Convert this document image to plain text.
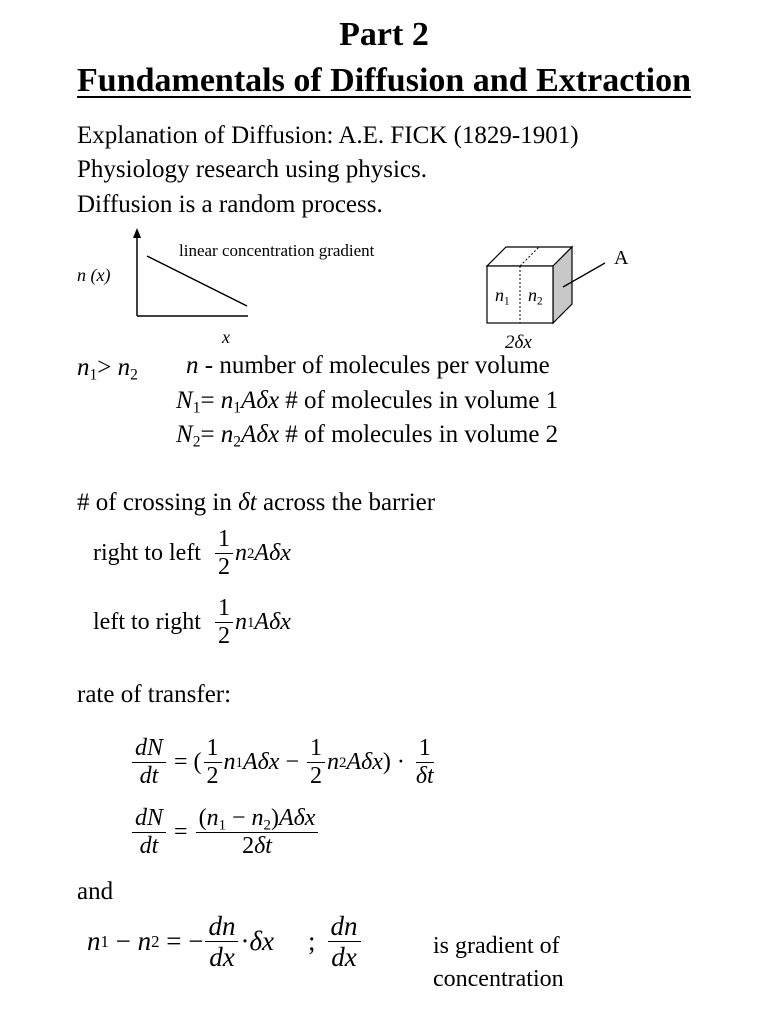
Part 2
Fundamentals of Diffusion and Extraction
Explanation of Diffusion: A.E. FICK (1829-1901)
Physiology research using physics.
Diffusion is a random process.
n (x)
x
linear concentration gradient
$n_1$ $n_2$
A
2δx
$n_1> n_2$ n - number of molecules per volume
$N_1= n_1A\delta x$ # of molecules in volume 1
$N_2= n_2A\delta x$ # of molecules in volume 2
# of crossing in δt across the barrier
right to left $\frac{1}{2}$ n 2 Aδx
left to right $\frac{1}{2}$ n 1 Aδx
rate of transfer:
$\frac{dN}{dt}$ = ( $\frac{1}{2}$ n 1 $A\delta x - \frac{1}{2}$ n 2 Aδx ) · $\frac{1}{\delta t}$
$\frac{dN}{dt} = \frac{(n_1 - n_2)A\delta x}{2\delta t}$
and
n 1 − n 2 = − $\frac{dn}{dx} \cdot \delta x$ ; $\frac{dn}{dx}$	is gradient of
concentration
